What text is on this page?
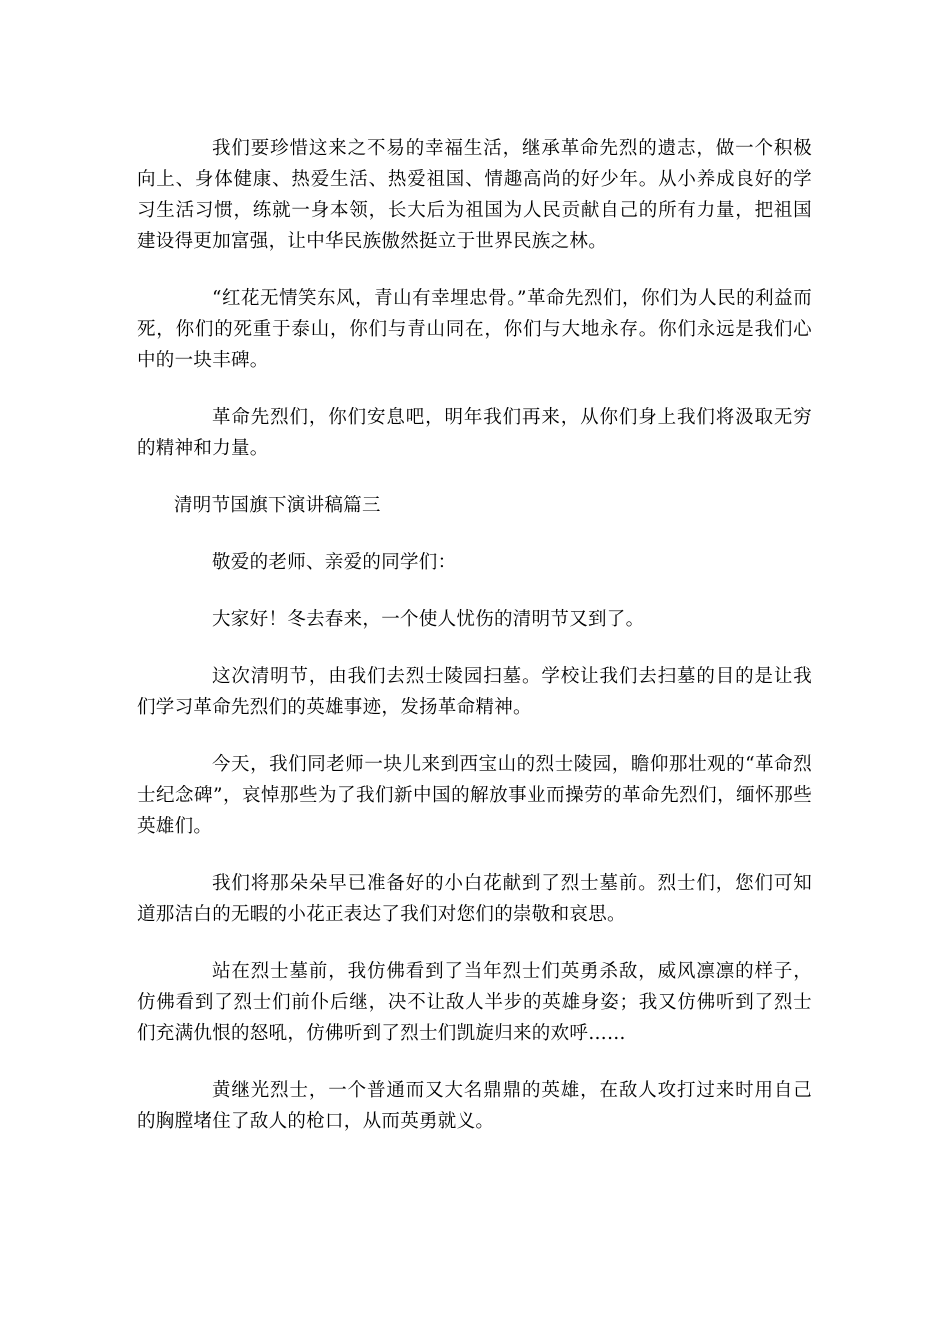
我们要珍惜这来之不易的幸福生活，继承革命先烈的遗志，做一个积极向上、身体健康、热爱生活、热爱祖国、情趣高尚的好少年。从小养成良好的学习生活习惯，练就一身本领，长大后为祖国为人民贡献自己的所有力量，把祖国建设得更加富强，让中华民族傲然挺立于世界民族之林。

“红花无情笑东风，青山有幸埋忠骨。”革命先烈们，你们为人民的利益而死，你们的死重于泰山，你们与青山同在，你们与大地永存。你们永远是我们心中的一块丰碑。

革命先烈们，你们安息吧，明年我们再来，从你们身上我们将汲取无穷的精神和力量。

清明节国旗下演讲稿篇三

敬爱的老师、亲爱的同学们：

大家好！冬去春来，一个使人忧伤的清明节又到了。

这次清明节，由我们去烈士陵园扫墓。学校让我们去扫墓的目的是让我们学习革命先烈们的英雄事迹，发扬革命精神。

今天，我们同老师一块儿来到西宝山的烈士陵园，瞻仰那壮观的“革命烈士纪念碑”，哀悼那些为了我们新中国的解放事业而操劳的革命先烈们，缅怀那些英雄们。

我们将那朵朵早已准备好的小白花献到了烈士墓前。烈士们，您们可知道那洁白的无暇的小花正表达了我们对您们的崇敬和哀思。

站在烈士墓前，我仿佛看到了当年烈士们英勇杀敌，威风凛凛的样子，仿佛看到了烈士们前仆后继，决不让敌人半步的英雄身姿；我又仿佛听到了烈士们充满仇恨的怒吼，仿佛听到了烈士们凯旋归来的欢呼……

黄继光烈士，一个普通而又大名鼎鼎的英雄，在敌人攻打过来时用自己的胸膛堵住了敌人的枪口，从而英勇就义。
